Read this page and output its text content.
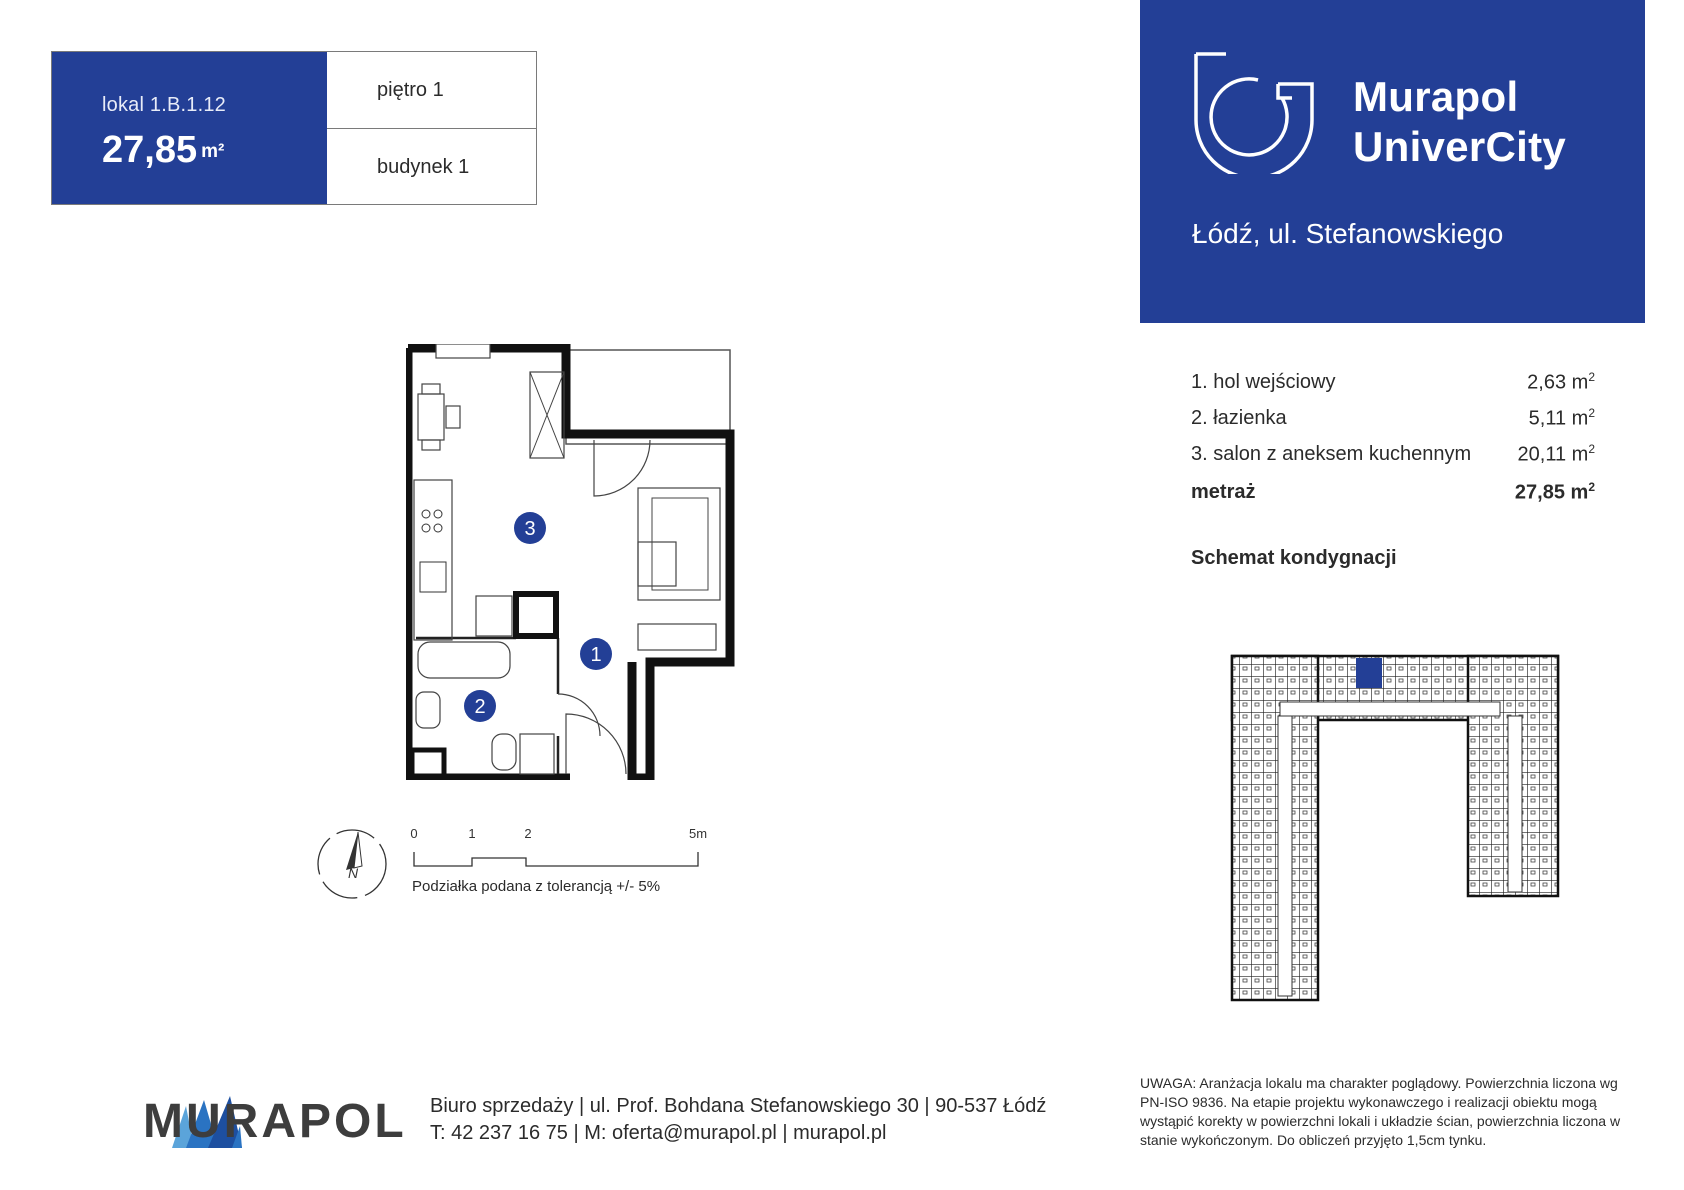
lokal 1.B.1.12
27,85 m²
piętro 1
budynek 1
Murapol
UniverCity
Łódź, ul. Stefanowskiego
1. hol wejściowy	2,63 $m^2$
2. łazienka	5,11 $m^2$
3. salon z aneksem kuchennym 20,11 $m^2$
metraż	27,85 $m^2$
Schemat kondygnacji
1
2
3
N
0	1	2	5m
Podziałka podana z tolerancją +/- 5%
MURAPOL Biuro sprzedaży | ul. Prof. Bohdana Stefanowskiego 30 | 90-537 Łódź
T: 42 237 16 75 | M: oferta@murapol.pl | murapol.pl
UWAGA: Aranżacja lokalu ma charakter poglądowy. Powierzchnia liczona wg PN-ISO 9836. Na etapie projektu wykonawczego i realizacji obiektu mogą wystąpić korekty w powierzchni lokali i układzie ścian, powierzchnia liczona w stanie wykończonym. Do obliczeń przyjęto 1,5cm tynku.
